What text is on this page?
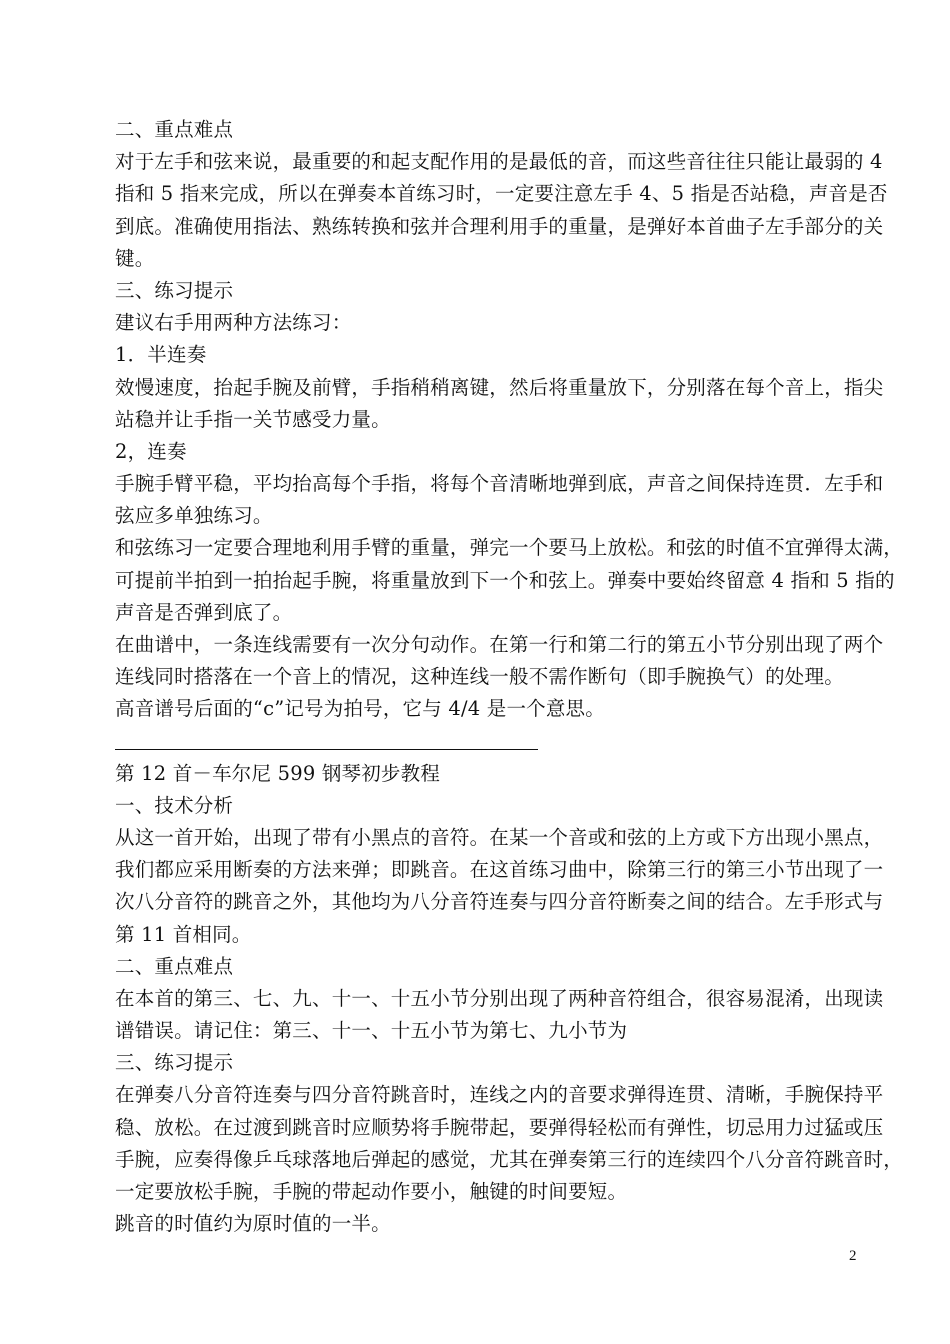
二、重点难点
对于左手和弦来说，最重要的和起支配作用的是最低的音，而这些音往往只能让最弱的 4
指和 5 指来完成，所以在弹奏本首练习时，一定要注意左手 4、5 指是否站稳，声音是否
到底。准确使用指法、熟练转换和弦并合理利用手的重量，是弹好本首曲子左手部分的关
键。
三、练习提示
建议右手用两种方法练习：
1．半连奏
效慢速度，抬起手腕及前臂，手指稍稍离键，然后将重量放下，分别落在每个音上，指尖
站稳并让手指一关节感受力量。
2，连奏
手腕手臂平稳，平均抬高每个手指，将每个音清晰地弹到底，声音之间保持连贯．左手和
弦应多单独练习。
和弦练习一定要合理地利用手臂的重量，弹完一个要马上放松。和弦的时值不宜弹得太满，
可提前半拍到一拍抬起手腕，将重量放到下一个和弦上。弹奏中要始终留意 4 指和 5 指的
声音是否弹到底了。
在曲谱中，一条连线需要有一次分句动作。在第一行和第二行的第五小节分别出现了两个
连线同时搭落在一个音上的情况，这种连线一般不需作断句（即手腕换气）的处理。
高音谱号后面的“c”记号为拍号，它与 4/4 是一个意思。
第 12 首－车尔尼 599 钢琴初步教程
一、技术分析
从这一首开始，出现了带有小黑点的音符。在某一个音或和弦的上方或下方出现小黑点，
我们都应采用断奏的方法来弹；即跳音。在这首练习曲中，除第三行的第三小节出现了一
次八分音符的跳音之外，其他均为八分音符连奏与四分音符断奏之间的结合。左手形式与
第 11 首相同。
二、重点难点
在本首的第三、七、九、十一、十五小节分别出现了两种音符组合，很容易混淆，出现读
谱错误。请记住：第三、十一、十五小节为第七、九小节为
三、练习提示
在弹奏八分音符连奏与四分音符跳音时，连线之内的音要求弹得连贯、清晰，手腕保持平
稳、放松。在过渡到跳音时应顺势将手腕带起，要弹得轻松而有弹性，切忌用力过猛或压
手腕，应奏得像乒乓球落地后弹起的感觉，尤其在弹奏第三行的连续四个八分音符跳音时，
一定要放松手腕，手腕的带起动作要小，触键的时间要短。
跳音的时值约为原时值的一半。
2
